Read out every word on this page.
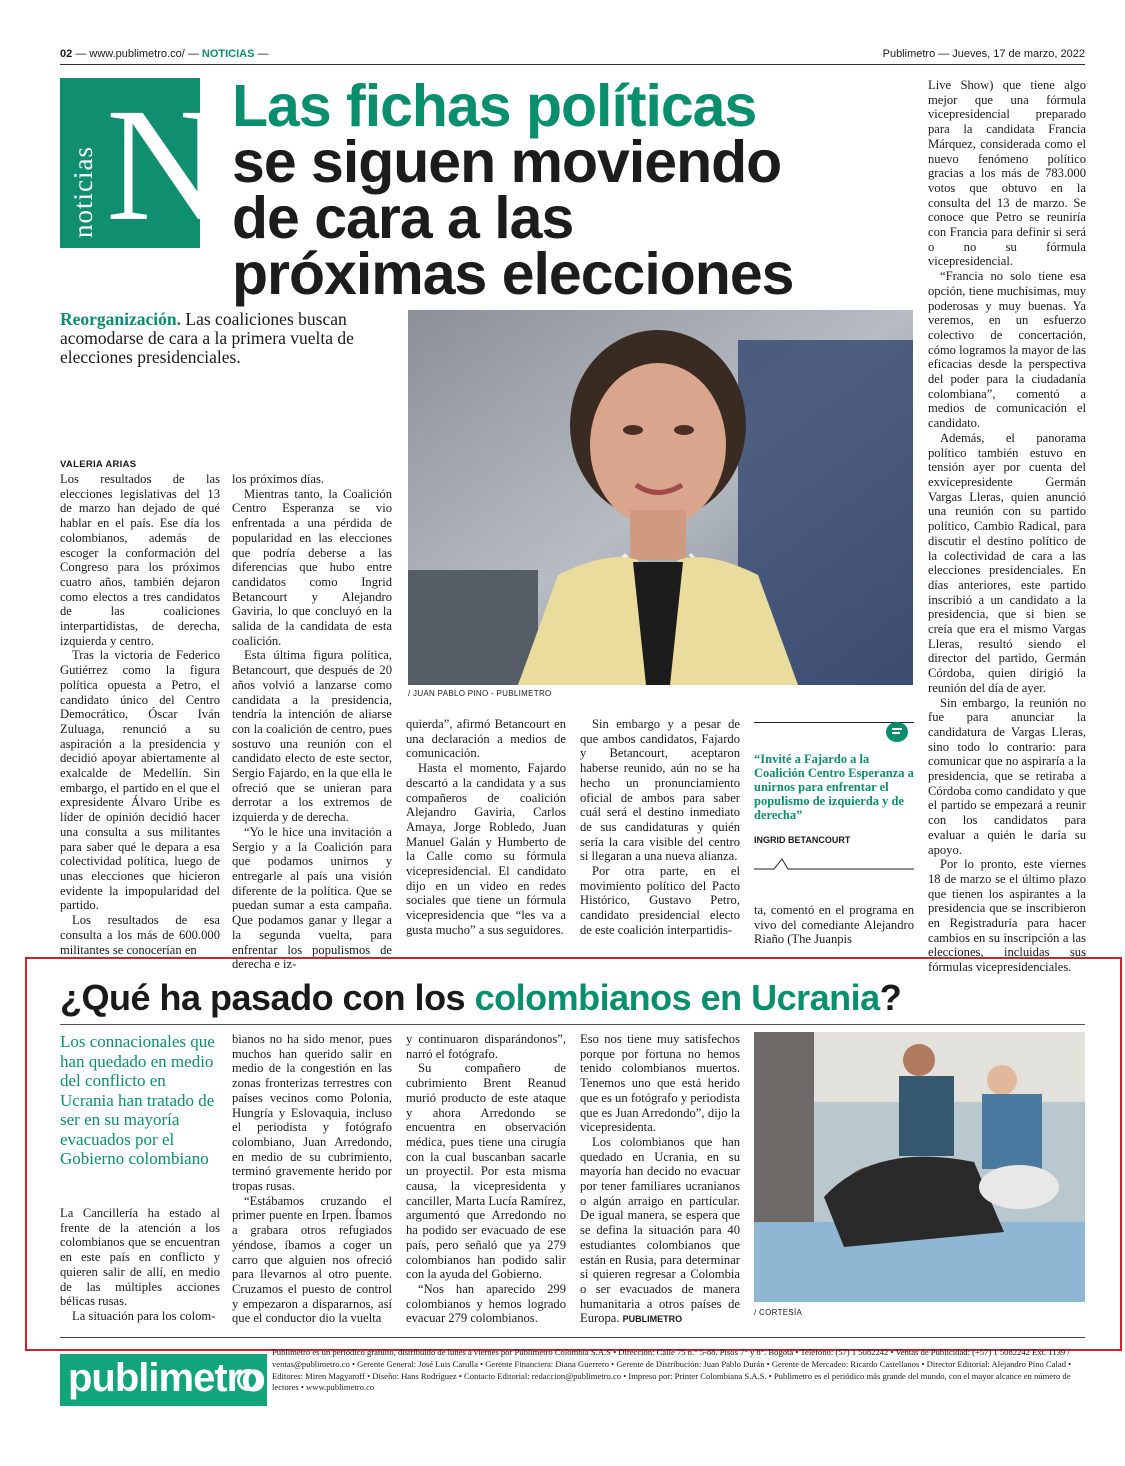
02 — www.publimetro.co/ — NOTICIAS —	Publimetro — Jueves, 17 de marzo, 2022
noticias N Las fichas políticas
se siguen moviendo
de cara a las
próximas elecciones
Reorganización. Las coaliciones buscan acomodarse de cara a la primera vuelta de elecciones presidenciales.
/ JUAN PABLO PINO - PUBLIMETRO
VALERIA ARIAS

Los resultados de las elecciones legislativas del 13 de marzo han dejado de qué hablar en el país. Ese día los colombianos, además de escoger la conformación del Congreso para los próximos cuatro años, también dejaron como electos a tres candidatos de las coaliciones interpartidistas, de derecha, izquierda y centro.

Tras la victoria de Federico Gutiérrez como la figura política opuesta a Petro, el candidato único del Centro Democrático, Óscar Iván Zuluaga, renunció a su aspiración a la presidencia y decidió apoyar abiertamente al exalcalde de Medellín. Sin embargo, el partido en el que el expresidente Álvaro Uribe es líder de opinión decidió hacer una consulta a sus militantes para saber qué le depara a esa colectividad política, luego de unas elecciones que hicieron evidente la impopularidad del partido.

Los resultados de esa consulta a los más de 600.000 militantes se conocerían en

los próximos días.

Mientras tanto, la Coalición Centro Esperanza se vio enfrentada a una pérdida de popularidad en las elecciones que podría deberse a las diferencias que hubo entre candidatos como Ingrid Betancourt y Alejandro Gaviria, lo que concluyó en la salida de la candidata de esta coalición.

Esta última figura política, Betancourt, que después de 20 años volvió a lanzarse como candidata a la presidencia, tendría la intención de aliarse con la coalición de centro, pues sostuvo una reunión con el candidato electo de este sector, Sergio Fajardo, en la que ella le ofreció que se unieran para derrotar a los extremos de izquierda y de derecha.

“Yo le hice una invitación a Sergio y a la Coalición para que podamos unirnos y entregarle al país una visión diferente de la política. Que se puedan sumar a esta campaña. Que podamos ganar y llegar a la segunda vuelta, para enfrentar los populismos de derecha e iz-

quierda”, afirmó Betancourt en una declaración a medios de comunicación.

Hasta el momento, Fajardo descartó a la candidata y a sus compañeros de coalición Alejandro Gaviria, Carlos Amaya, Jorge Robledo, Juan Manuel Galán y Humberto de la Calle como su fórmula vicepresidencial. El candidato dijo en un video en redes sociales que tiene un fórmula vicepresidencia que “les va a gusta mucho” a sus seguidores.

Sin embargo y a pesar de que ambos candidatos, Fajardo y Betancourt, aceptaron haberse reunido, aún no se ha hecho un pronunciamiento oficial de ambos para saber cuál será el destino inmediato de sus candidaturas y quién sería la cara visible del centro si llegaran a una nueva alianza.

Por otra parte, en el movimiento político del Pacto Histórico, Gustavo Petro, candidato presidencial electo de este coalición interpartidis-

“Invité a Fajardo a la Coalición Centro Esperanza a unirnos para enfrentar el populismo de izquierda y de derecha”
INGRID BETANCOURT

ta, comentó en el programa en vivo del comediante Alejandro Riaño (The Juanpis

Live Show) que tiene algo mejor que una fórmula vicepresidencial preparado para la candidata Francia Márquez, considerada como el nuevo fenómeno político gracias a los más de 783.000 votos que obtuvo en la consulta del 13 de marzo. Se conoce que Petro se reuniría con Francia para definir si será o no su fórmula vicepresidencial.

“Francia no solo tiene esa opción, tiene muchísimas, muy poderosas y muy buenas. Ya veremos, en un esfuerzo colectivo de concertación, cómo logramos la mayor de las eficacias desde la perspectiva del poder para la ciudadanía colombiana”, comentó a medios de comunicación el candidato.

Además, el panorama político también estuvo en tensión ayer por cuenta del exvicepresidente Germán Vargas Lleras, quien anunció una reunión con su partido político, Cambio Radical, para discutir el destino político de la colectividad de cara a las elecciones presidenciales. En días anteriores, este partido inscribió a un candidato a la presidencia, que si bien se creía que era el mismo Vargas Lleras, resultó siendo el director del partido, Germán Córdoba, quien dirigió la reunión del día de ayer.

Sin embargo, la reunión no fue para anunciar la candidatura de Vargas Lleras, sino todo lo contrario: para comunicar que no aspiraría a la presidencia, que se retiraba a Córdoba como candidato y que el partido se empezará a reunir con los candidatos para evaluar a quién le daría su apoyo.

Por lo pronto, este viernes 18 de marzo se el último plazo que tienen los aspirantes a la presidencia que se inscribieron en Registraduría para hacer cambios en su inscripción a las elecciones, incluidas sus fórmulas vicepresidenciales.

¿Qué ha pasado con los colombianos en Ucrania?
Los connacionales que han quedado en medio del conflicto en Ucrania han tratado de ser en su mayoría evacuados por el Gobierno colombiano

La Cancillería ha estado al frente de la atención a los colombianos que se encuentran en este país en conflicto y quieren salir de allí, en medio de las múltiples acciones bélicas rusas.

La situación para los colom-

bianos no ha sido menor, pues muchos han querido salir en medio de la congestión en las zonas fronterizas terrestres con países vecinos como Polonia, Hungría y Eslovaquia, incluso el periodista y fotógrafo colombiano, Juan Arredondo, en medio de su cubrimiento, terminó gravemente herido por tropas rusas.

“Estábamos cruzando el primer puente en Irpen. Íbamos a grabara otros refugiados yéndose, íbamos a coger un carro que alguien nos ofreció para llevarnos al otro puente. Cruzamos el puesto de control y empezaron a dispararnos, así que el conductor dio la vuelta

y continuaron disparándonos”, narró el fotógrafo.

Su compañero de cubrimiento Brent Reanud murió producto de este ataque y ahora Arredondo se encuentra en observación médica, pues tiene una cirugía con la cual buscanban sacarle un proyectil. Por esta misma causa, la vicepresidenta y canciller, Marta Lucía Ramírez, argumentó que Arredondo no ha podido ser evacuado de ese país, pero señaló que ya 279 colombianos han podido salir con la ayuda del Gobierno.

“Nos han aparecido 299 colombianos y hemos logrado evacuar 279 colombianos.

Eso nos tiene muy satisfechos porque por fortuna no hemos tenido colombianos muertos. Tenemos uno que está herido que es un fotógrafo y periodista que es Juan Arredondo”, dijo la vicepresidenta.

Los colombianos que han quedado en Ucrania, en su mayoría han decido no evacuar por tener familiares ucranianos o algún arraigo en particular. De igual manera, se espera que se defina la situación para 40 estudiantes colombianos que están en Rusia, para determinar si quieren regresar a Colombia o ser evacuados de manera humanitaria a otros países de Europa. PUBLIMETRO

/ CORTESÍA
publimetro
Publimetro es un periódico gratuito, distribuido de lunes a viernes por Publimetro Colombia S.A.S • Dirección: Calle 75 n.° 5-88. Pisos 7° y 8°. Bogotá • Teléfono: (57) 1 5082242 • Ventas de Publicidad: (+57) 1 5082242 Ext. 1139 / ventas@publimetro.co • Gerente General: José Luis Carulla • Gerente Financiera: Diana Guerrero • Gerente de Distribución: Juan Pablo Durán • Gerente de Mercadeo: Ricardo Castellanos • Director Editorial: Alejandro Pino Calad • Editores: Miren Magyaroff • Diseño: Hans Rodríguez • Contacto Editorial: redaccion@publimetro.co • Impreso por: Printer Colombiana S.A.S. • Publimetro es el periódico más grande del mundo, con el mayor alcance en número de lectores • www.publimetro.co
